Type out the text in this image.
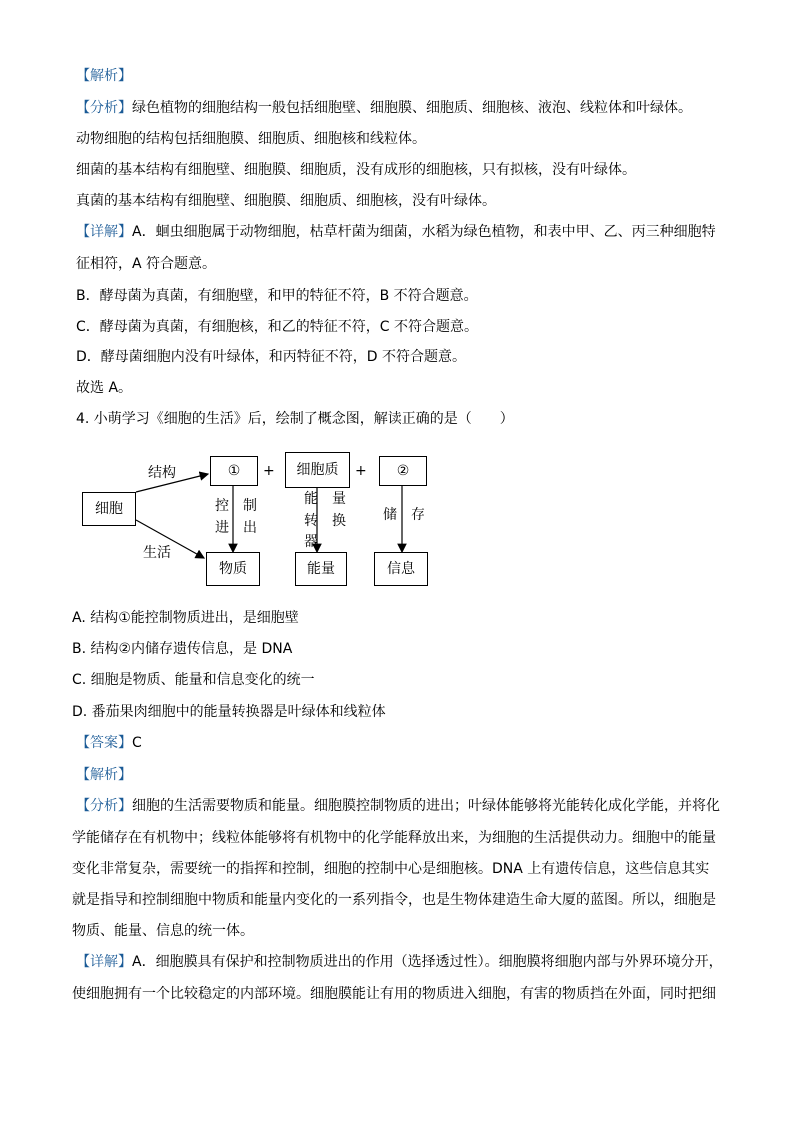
【解析】
【分析】绿色植物的细胞结构一般包括细胞壁、细胞膜、细胞质、细胞核、液泡、线粒体和叶绿体。
动物细胞的结构包括细胞膜、细胞质、细胞核和线粒体。
细菌的基本结构有细胞壁、细胞膜、细胞质，没有成形的细胞核，只有拟核，没有叶绿体。
真菌的基本结构有细胞壁、细胞膜、细胞质、细胞核，没有叶绿体。
【详解】A．蛔虫细胞属于动物细胞，枯草杆菌为细菌，水稻为绿色植物，和表中甲、乙、丙三种细胞特
征相符，A 符合题意。
B．酵母菌为真菌，有细胞壁，和甲的特征不符，B 不符合题意。
C．酵母菌为真菌，有细胞核，和乙的特征不符，C 不符合题意。
D．酵母菌细胞内没有叶绿体，和丙特征不符，D 不符合题意。
故选 A。
4. 小萌学习《细胞的生活》后，绘制了概念图，解读正确的是（　　）
细胞
①	细胞质	②
+	+
结构
生活
控　制
进　出
能　量
转　换
器
储　存
物质	能量	信息
A. 结构①能控制物质进出，是细胞壁
B. 结构②内储存遗传信息，是 DNA
C. 细胞是物质、能量和信息变化的统一
D. 番茄果肉细胞中的能量转换器是叶绿体和线粒体
【答案】C
【解析】
【分析】细胞的生活需要物质和能量。细胞膜控制物质的进出；叶绿体能够将光能转化成化学能，并将化
学能储存在有机物中；线粒体能够将有机物中的化学能释放出来，为细胞的生活提供动力。细胞中的能量
变化非常复杂，需要统一的指挥和控制，细胞的控制中心是细胞核。DNA 上有遗传信息，这些信息其实
就是指导和控制细胞中物质和能量内变化的一系列指令，也是生物体建造生命大厦的蓝图。所以，细胞是
物质、能量、信息的统一体。
【详解】A．细胞膜具有保护和控制物质进出的作用（选择透过性）。细胞膜将细胞内部与外界环境分开，
使细胞拥有一个比较稳定的内部环境。细胞膜能让有用的物质进入细胞，有害的物质挡在外面，同时把细
